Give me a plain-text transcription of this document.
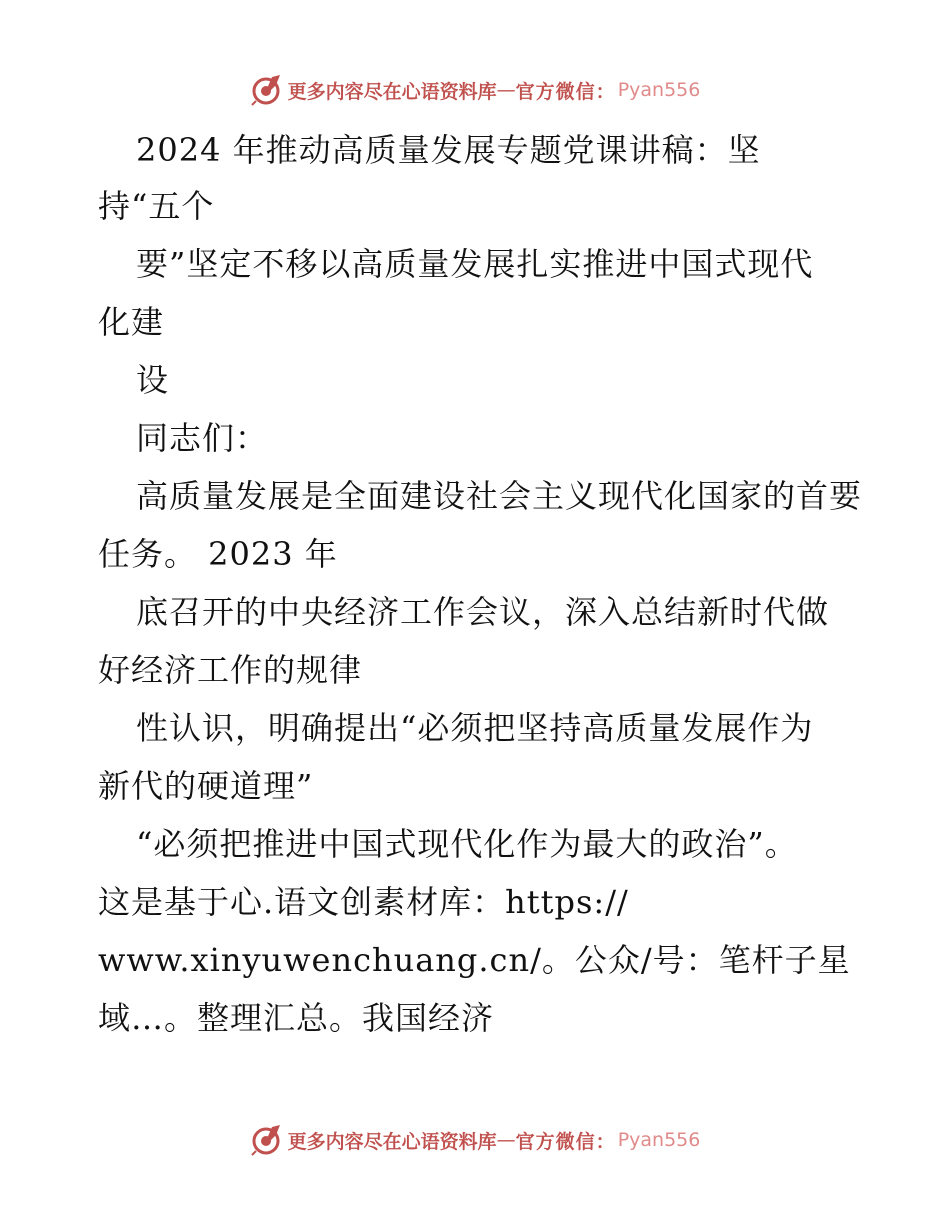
更多内容尽在心语资料库 — 官方微信： Pyan556
2024 年推动高质量发展专题党课讲稿：坚
持“五个
要”坚定不移以高质量发展扎实推进中国式现代
化建
设
同志们：
高质量发展是全面建设社会主义现代化国家的首要
任务。 2023 年
底召开的中央经济工作会议，深入总结新时代做
好经济工作的规律
性认识，明确提出“必须把坚持高质量发展作为
新代的硬道理”
“必须把推进中国式现代化作为最大的政治”。
这是基于心.语文创素材库：https://
www.xinyuwenchuang.cn/。公众/号：笔杆子星
域…。整理汇总。我国经济
更多内容尽在心语资料库 — 官方微信： Pyan556
